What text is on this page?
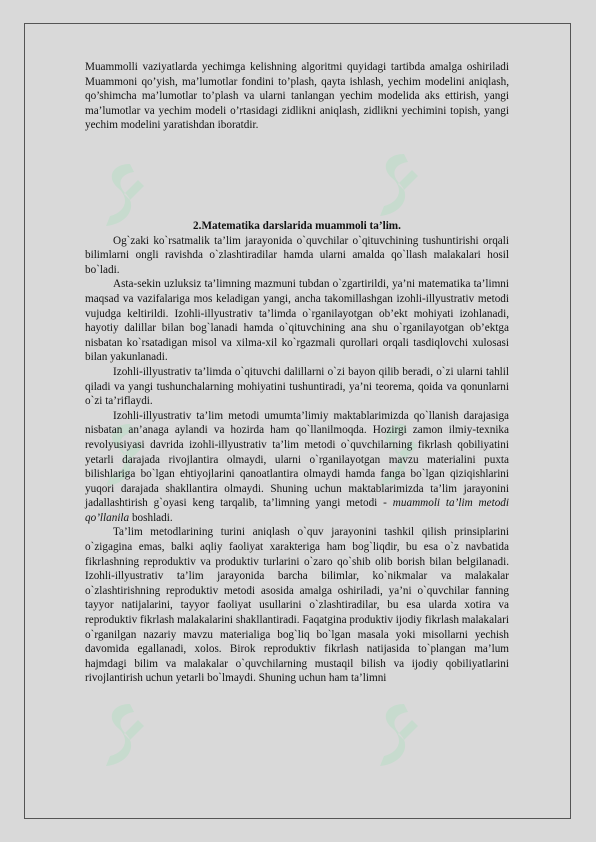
Muammolli vaziyatlarda yechimga kelishning algoritmi quyidagi tartibda amalga oshiriladi Muammoni qo’yish, ma’lumotlar fondini to’plash, qayta ishlash, yechim modelini aniqlash, qo’shimcha ma’lumotlar to’plash va ularni tanlangan yechim modelida aks ettirish, yangi ma’lumotlar va yechim modeli o’rtasidagi zidlikni aniqlash, zidlikni yechimini topish, yangi yechim modelini yaratishdan iboratdir.

2.Matematika darslarida muammoli ta’lim.

Og`zaki ko`rsatmalik ta’lim jarayonida o`quvchilar o`qituvchining tushuntirishi orqali bilimlarni ongli ravishda o`zlashtiradilar hamda ularni amalda qo`llash malakalari hosil bo`ladi.

Asta-sekin uzluksiz ta’limning mazmuni tubdan o`zgartirildi, ya’ni matematika ta’limni maqsad va vazifalariga mos keladigan yangi, ancha takomillashgan izohli-illyustrativ metodi vujudga keltirildi. Izohli-illyustrativ ta’limda o`rganilayotgan ob’ekt mohiyati izohlanadi, hayotiy dalillar bilan bog`lanadi hamda o`qituvchining ana shu o`rganilayotgan ob’ektga nisbatan ko`rsatadigan misol va xilma-xil ko`rgazmali qurollari orqali tasdiqlovchi xulosasi bilan yakunlanadi.

Izohli-illyustrativ ta’limda o`qituvchi dalillarni o`zi bayon qilib beradi, o`zi ularni tahlil qiladi va yangi tushunchalarning mohiyatini tushuntiradi, ya’ni teorema, qoida va qonunlarni o`zi ta’riflaydi.

Izohli-illyustrativ ta’lim metodi umumta’limiy maktablarimizda qo`llanish darajasiga nisbatan an’anaga aylandi va hozirda ham qo`llanilmoqda. Hozirgi zamon ilmiy-texnika revolyusiyasi davrida izohli-illyustrativ ta’lim metodi o`quvchilarning fikrlash qobiliyatini yetarli darajada rivojlantira olmaydi, ularni o`rganilayotgan mavzu materialini puxta bilishlariga bo`lgan ehtiyojlarini qanoatlantira olmaydi hamda fanga bo`lgan qiziqishlarini yuqori darajada shakllantira olmaydi. Shuning uchun maktablarimizda ta’lim jarayonini jadallashtirish g`oyasi keng tarqalib, ta’limning yangi metodi - muammoli ta’lim metodi qo’llanila boshladi.

Ta’lim metodlarining turini aniqlash o`quv jarayonini tashkil qilish prinsiplarini o`zigagina emas, balki aqliy faoliyat xarakteriga ham bog`liqdir, bu esa o`z navbatida fikrlashning reproduktiv va produktiv turlarini o`zaro qo`shib olib borish bilan belgilanadi. Izohli-illyustrativ ta’lim jarayonida barcha bilimlar, ko`nikmalar va malakalar o`zlashtirishning reproduktiv metodi asosida amalga oshiriladi, ya’ni o`quvchilar fanning tayyor natijalarini, tayyor faoliyat usullarini o`zlashtiradilar, bu esa ularda xotira va reproduktiv fikrlash malakalarini shakllantiradi. Faqatgina produktiv ijodiy fikrlash malakalari o`rganilgan nazariy mavzu materialiga bog`liq bo`lgan masala yoki misollarni yechish davomida egallanadi, xolos. Birok reproduktiv fikrlash natijasida to`plangan ma’lum hajmdagi bilim va malakalar o`quvchilarning mustaqil bilish va ijodiy qobiliyatlarini rivojlantirish uchun yetarli bo`lmaydi. Shuning uchun ham ta’limni
